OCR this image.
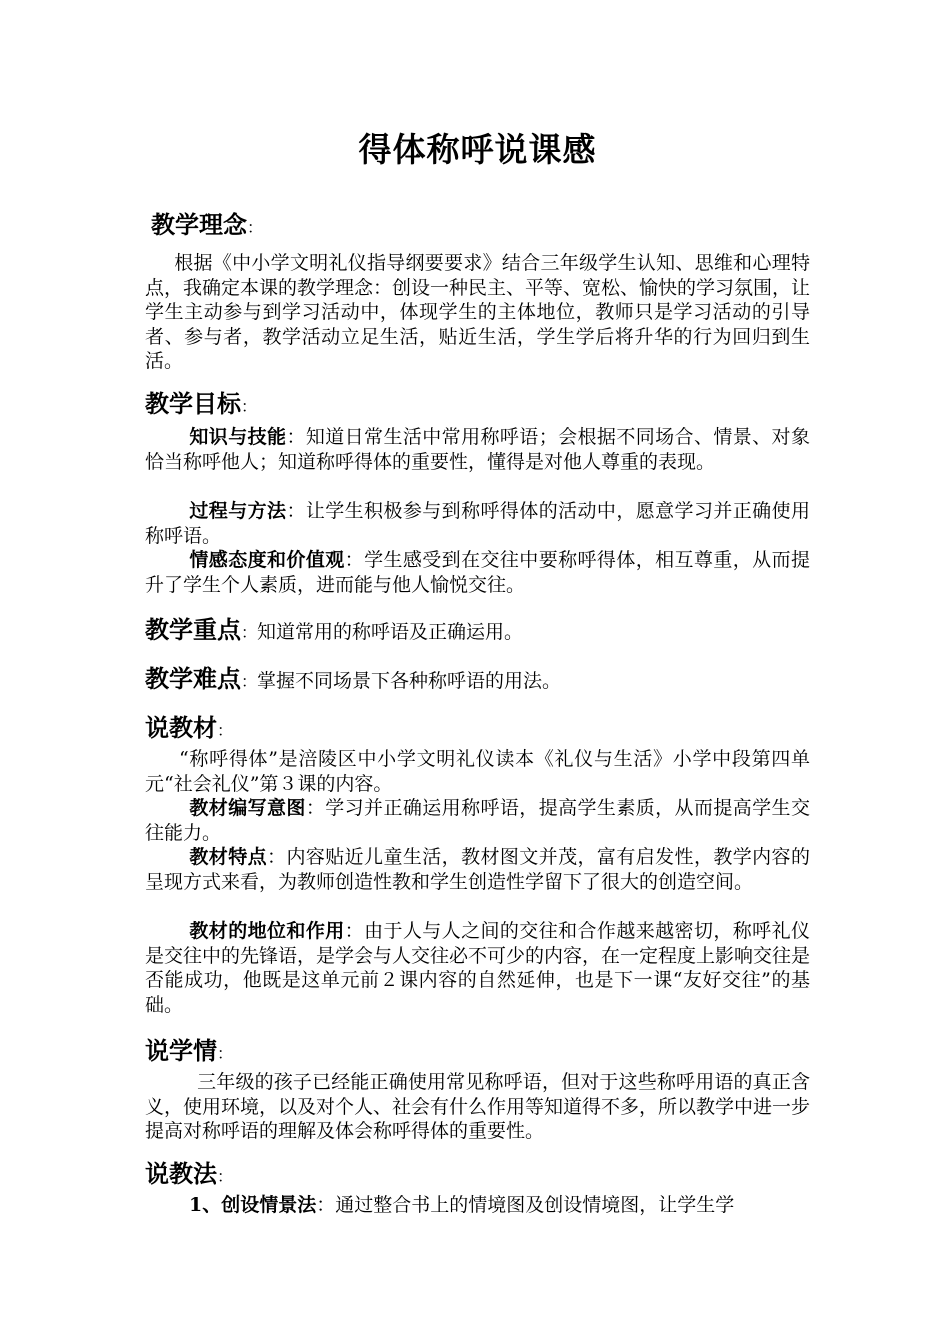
得体称呼说课感
教学理念：

根据《中小学文明礼仪指导纲要要求》结合三年级学生认知、思维和心理特点，我确定本课的教学理念：创设一种民主、平等、宽松、愉快的学习氛围，让学生主动参与到学习活动中，体现学生的主体地位，教师只是学习活动的引导者、参与者，教学活动立足生活，贴近生活，学生学后将升华的行为回归到生活。

教学目标：

知识与技能：知道日常生活中常用称呼语；会根据不同场合、情景、对象恰当称呼他人；知道称呼得体的重要性，懂得是对他人尊重的表现。

过程与方法：让学生积极参与到称呼得体的活动中，愿意学习并正确使用称呼语。

情感态度和价值观：学生感受到在交往中要称呼得体，相互尊重，从而提升了学生个人素质，进而能与他人愉悦交往。

教学重点：知道常用的称呼语及正确运用。
教学难点：掌握不同场景下各种称呼语的用法。
说教材：

“称呼得体”是涪陵区中小学文明礼仪读本《礼仪与生活》小学中段第四单元“社会礼仪”第３课的内容。

教材编写意图：学习并正确运用称呼语，提高学生素质，从而提高学生交往能力。

教材特点：内容贴近儿童生活，教材图文并茂，富有启发性，教学内容的呈现方式来看，为教师创造性教和学生创造性学留下了很大的创造空间。

教材的地位和作用：由于人与人之间的交往和合作越来越密切，称呼礼仪是交往中的先锋语，是学会与人交往必不可少的内容，在一定程度上影响交往是否能成功，他既是这单元前２课内容的自然延伸，也是下一课“友好交往”的基础。

说学情：

三年级的孩子已经能正确使用常见称呼语，但对于这些称呼用语的真正含义，使用环境，以及对个人、社会有什么作用等知道得不多，所以教学中进一步提高对称呼语的理解及体会称呼得体的重要性。

说教法：

1、创设情景法：通过整合书上的情境图及创设情境图，让学生学
